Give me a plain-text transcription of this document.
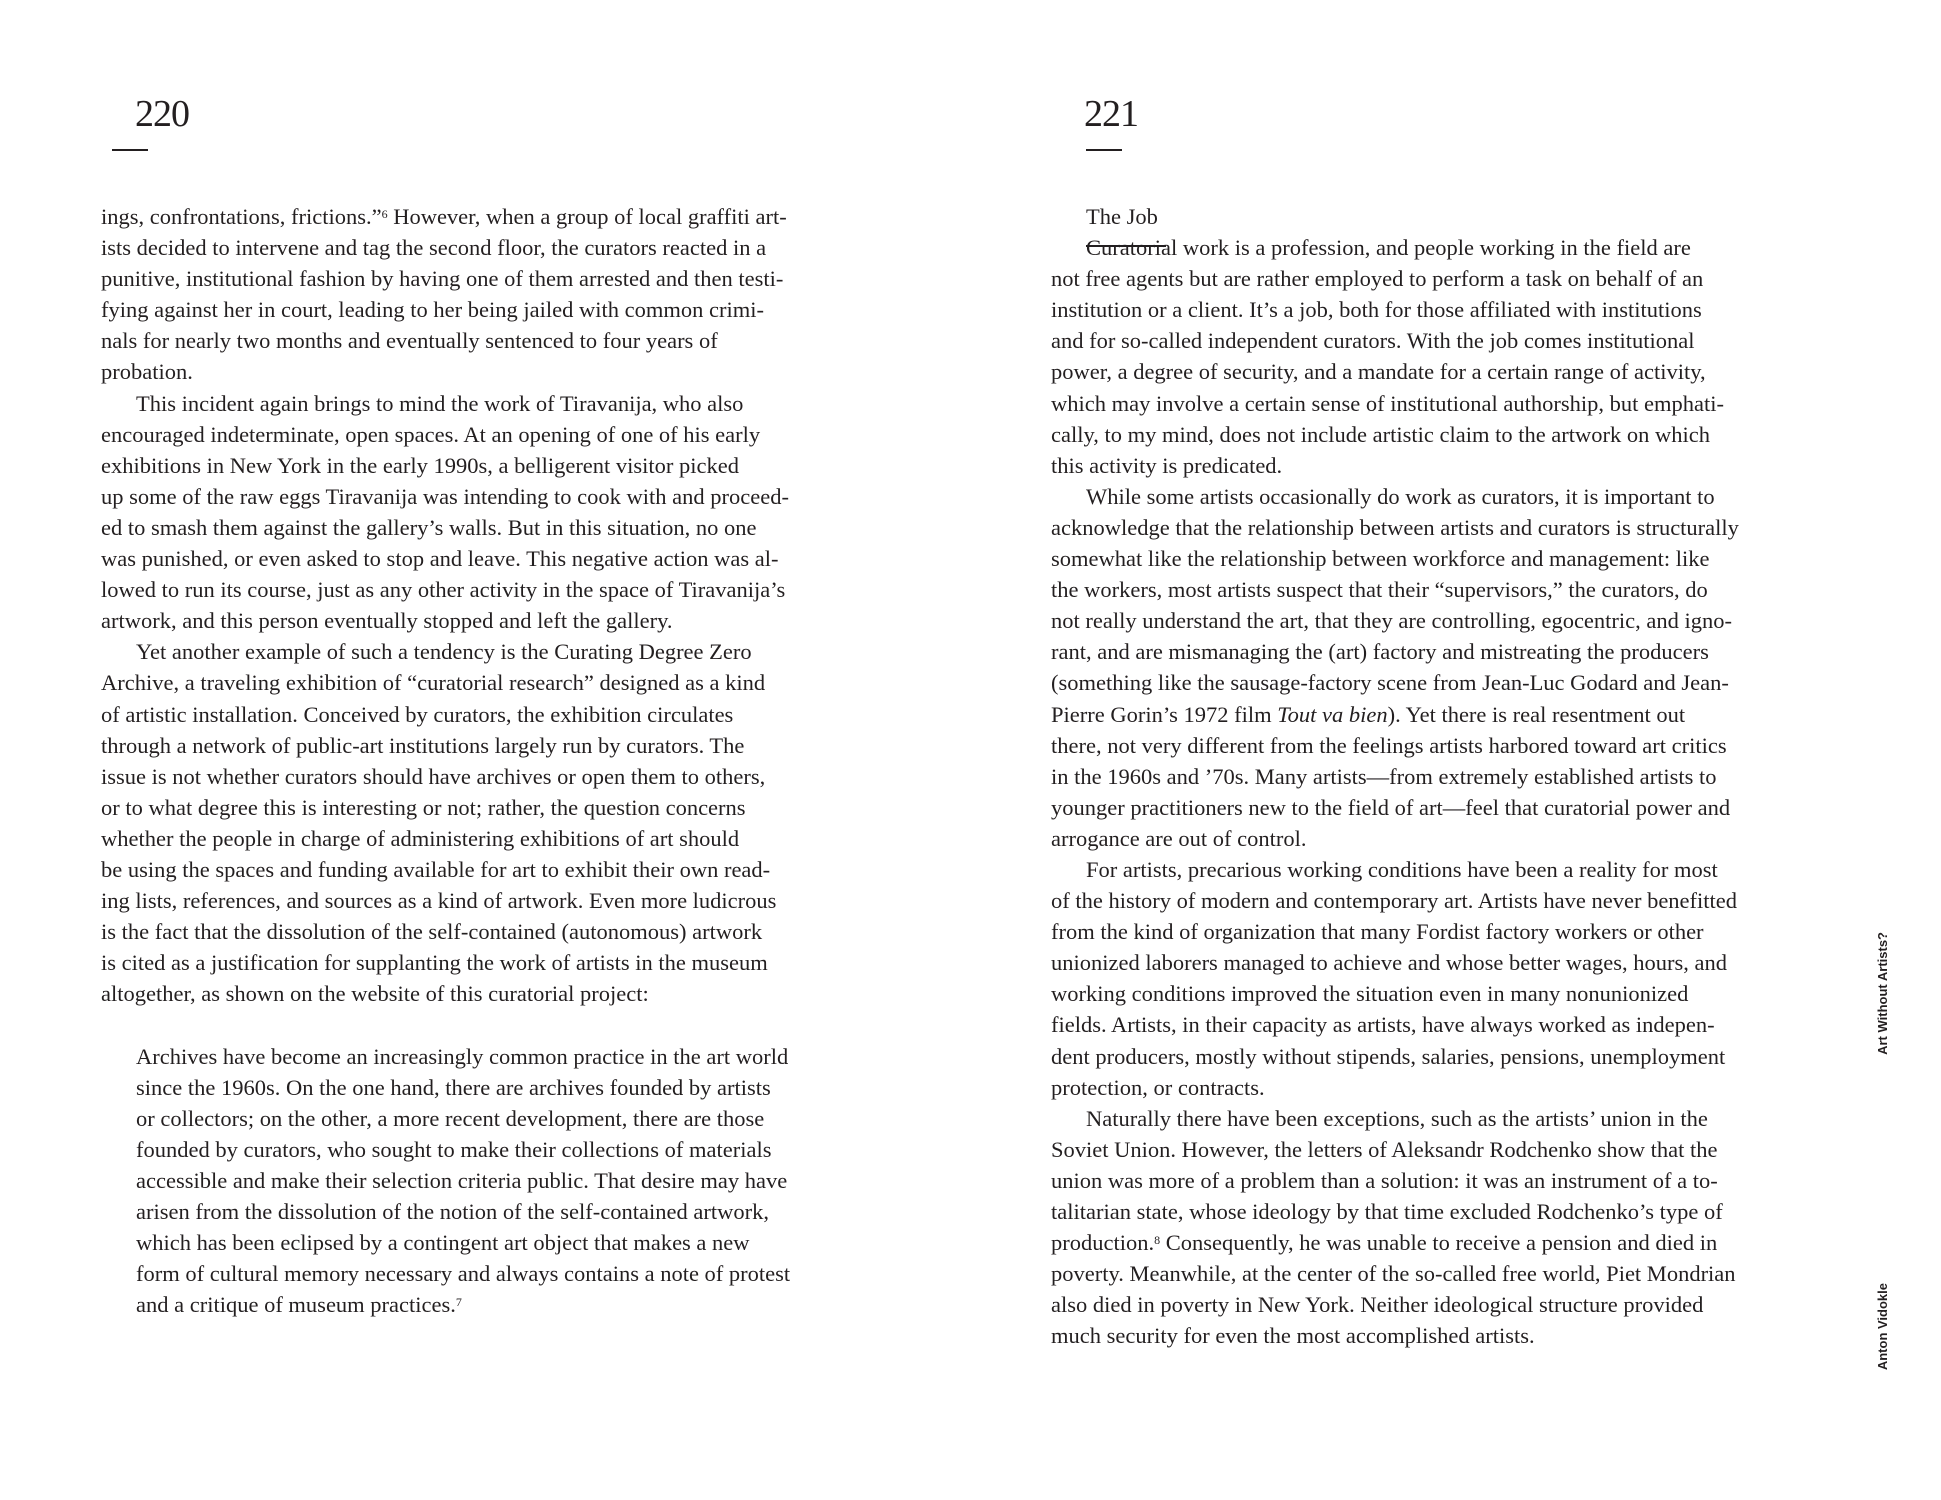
220
ings, confrontations, frictions.”$^6$ However, when a group of local graffiti art-
ists decided to intervene and tag the second floor, the curators reacted in a
punitive, institutional fashion by having one of them arrested and then testi-
fying against her in court, leading to her being jailed with common crimi-
nals for nearly two months and eventually sentenced to four years of
probation.
This incident again brings to mind the work of Tiravanija, who also
encouraged indeterminate, open spaces. At an opening of one of his early
exhibitions in New York in the early 1990s, a belligerent visitor picked
up some of the raw eggs Tiravanija was intending to cook with and proceed-
ed to smash them against the gallery’s walls. But in this situation, no one
was punished, or even asked to stop and leave. This negative action was al-
lowed to run its course, just as any other activity in the space of Tiravanija’s
artwork, and this person eventually stopped and left the gallery.
Yet another example of such a tendency is the Curating Degree Zero
Archive, a traveling exhibition of “curatorial research” designed as a kind
of artistic installation. Conceived by curators, the exhibition circulates
through a network of public-art institutions largely run by curators. The
issue is not whether curators should have archives or open them to others,
or to what degree this is interesting or not; rather, the question concerns
whether the people in charge of administering exhibitions of art should
be using the spaces and funding available for art to exhibit their own read-
ing lists, references, and sources as a kind of artwork. Even more ludicrous
is the fact that the dissolution of the self-contained (autonomous) artwork
is cited as a justification for supplanting the work of artists in the museum
altogether, as shown on the website of this curatorial project:
Archives have become an increasingly common practice in the art world
since the 1960s. On the one hand, there are archives founded by artists
or collectors; on the other, a more recent development, there are those
founded by curators, who sought to make their collections of materials
accessible and make their selection criteria public. That desire may have
arisen from the dissolution of the notion of the self-contained artwork,
which has been eclipsed by a contingent art object that makes a new
form of cultural memory necessary and always contains a note of protest
and a critique of museum practices.$^7$
221
The Job
Curatorial work is a profession, and people working in the field are
not free agents but are rather employed to perform a task on behalf of an
institution or a client. It’s a job, both for those affiliated with institutions
and for so-called independent curators. With the job comes institutional
power, a degree of security, and a mandate for a certain range of activity,
which may involve a certain sense of institutional authorship, but emphati-
cally, to my mind, does not include artistic claim to the artwork on which
this activity is predicated.
While some artists occasionally do work as curators, it is important to
acknowledge that the relationship between artists and curators is structurally
somewhat like the relationship between workforce and management: like
the workers, most artists suspect that their “supervisors,” the curators, do
not really understand the art, that they are controlling, egocentric, and igno-
rant, and are mismanaging the (art) factory and mistreating the producers
(something like the sausage-factory scene from Jean-Luc Godard and Jean-
Pierre Gorin’s 1972 film Tout va bien). Yet there is real resentment out
there, not very different from the feelings artists harbored toward art critics
in the 1960s and ’70s. Many artists—from extremely established artists to
younger practitioners new to the field of art—feel that curatorial power and
arrogance are out of control.
For artists, precarious working conditions have been a reality for most
of the history of modern and contemporary art. Artists have never benefitted
from the kind of organization that many Fordist factory workers or other
unionized laborers managed to achieve and whose better wages, hours, and
working conditions improved the situation even in many nonunionized
fields. Artists, in their capacity as artists, have always worked as indepen-
dent producers, mostly without stipends, salaries, pensions, unemployment
protection, or contracts.
Naturally there have been exceptions, such as the artists’ union in the
Soviet Union. However, the letters of Aleksandr Rodchenko show that the
union was more of a problem than a solution: it was an instrument of a to-
talitarian state, whose ideology by that time excluded Rodchenko’s type of
production.$^8$ Consequently, he was unable to receive a pension and died in
poverty. Meanwhile, at the center of the so-called free world, Piet Mondrian
also died in poverty in New York. Neither ideological structure provided
much security for even the most accomplished artists.
Art Without Artists?
Anton Vidokle
